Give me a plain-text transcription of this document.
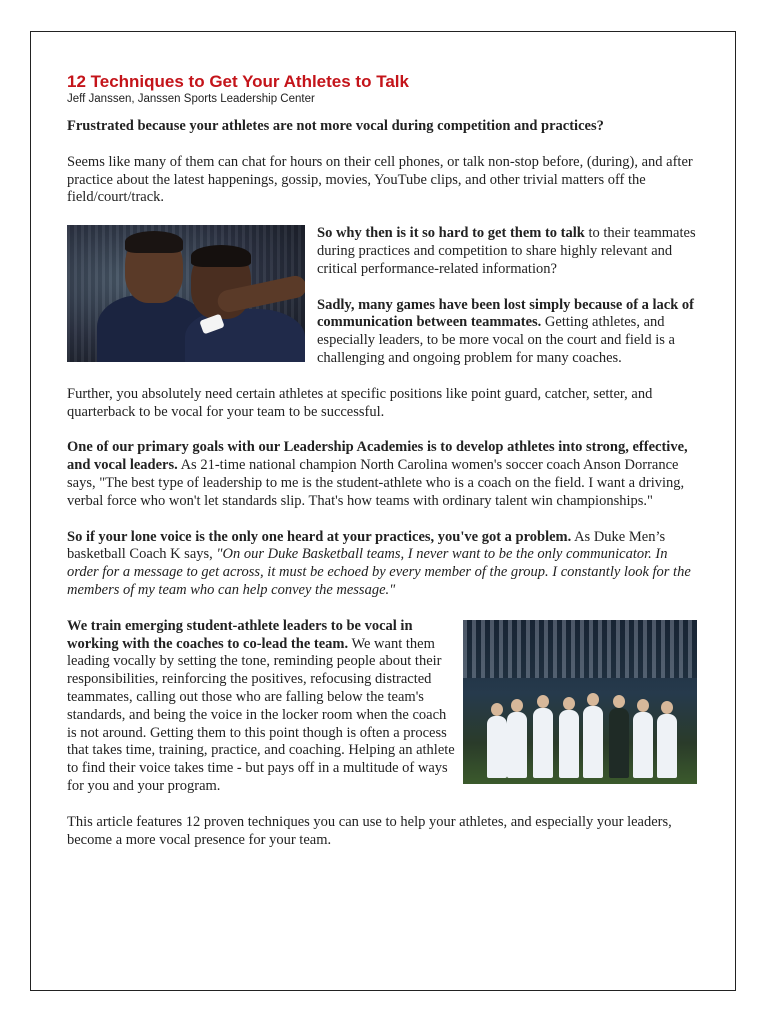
12 Techniques to Get Your Athletes to Talk
Jeff Janssen, Janssen Sports Leadership Center

Frustrated because your athletes are not more vocal during competition and practices?

Seems like many of them can chat for hours on their cell phones, or talk non-stop before, (during), and after practice about the latest happenings, gossip, movies, YouTube clips, and other trivial matters off the field/court/track.

So why then is it so hard to get them to talk to their teammates during practices and competition to share highly relevant and critical performance-related information?

Sadly, many games have been lost simply because of a lack of communication between teammates. Getting athletes, and especially leaders, to be more vocal on the court and field is a challenging and ongoing problem for many coaches.

Further, you absolutely need certain athletes at specific positions like point guard, catcher, setter, and quarterback to be vocal for your team to be successful.

One of our primary goals with our Leadership Academies is to develop athletes into strong, effective, and vocal leaders. As 21-time national champion North Carolina women's soccer coach Anson Dorrance says, "The best type of leadership to me is the student-athlete who is a coach on the field. I want a driving, verbal force who won't let standards slip. That's how teams with ordinary talent win championships."

So if your lone voice is the only one heard at your practices, you've got a problem. As Duke Men’s basketball Coach K says, "On our Duke Basketball teams, I never want to be the only communicator. In order for a message to get across, it must be echoed by every member of the group. I constantly look for the members of my team who can help convey the message."

We train emerging student-athlete leaders to be vocal in working with the coaches to co-lead the team. We want them leading vocally by setting the tone, reminding people about their responsibilities, reinforcing the positives, refocusing distracted teammates, calling out those who are falling below the team's standards, and being the voice in the locker room when the coach is not around. Getting them to this point though is often a process that takes time, training, practice, and coaching. Helping an athlete to find their voice takes time - but pays off in a multitude of ways for you and your program.

This article features 12 proven techniques you can use to help your athletes, and especially your leaders, become a more vocal presence for your team.
